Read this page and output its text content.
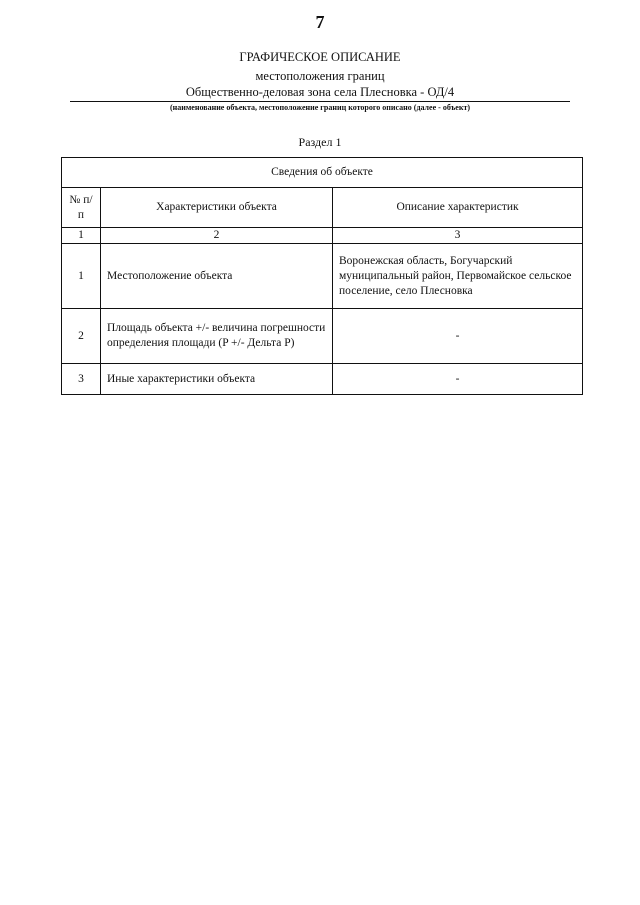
7
ГРАФИЧЕСКОЕ ОПИСАНИЕ
местоположения границ
Общественно-деловая зона села Плесновка - ОД/4
(наименование объекта, местоположение границ которого описано (далее - объект)
Раздел 1
Сведения об объекте		
№ п/п	Характеристики объекта	Описание характеристик
1	2	3
1	Местоположение объекта	Воронежская область, Богучарский муниципальный район, Первомайское сельское поселение, село Плесновка
2	Площадь объекта +/- величина погрешности определения площади (P +/- Дельта P)	-
3	Иные характеристики объекта	-
